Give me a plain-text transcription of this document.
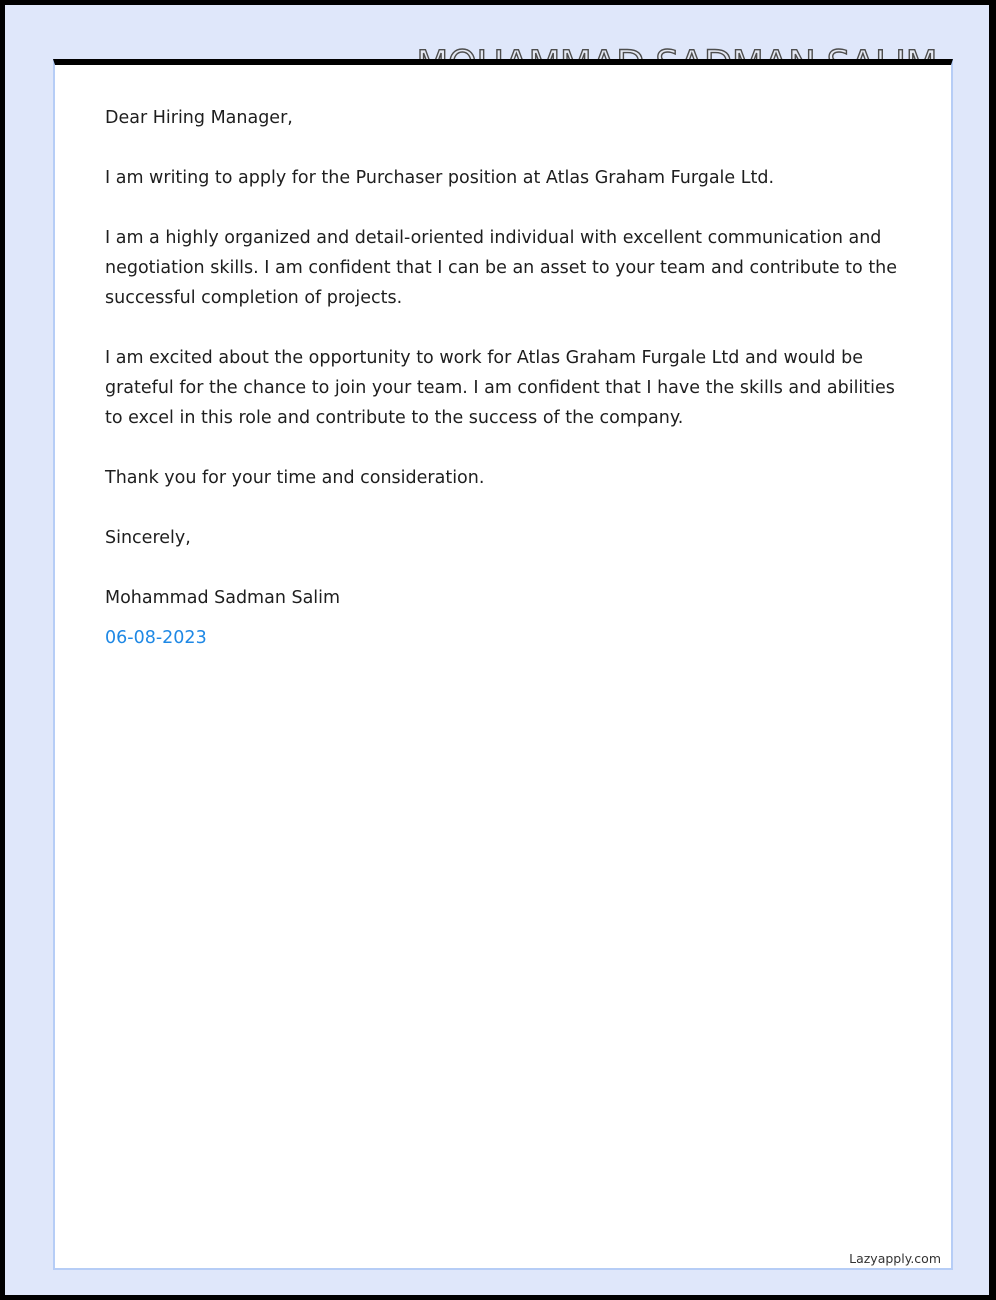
Dear Hiring Manager,

I am writing to apply for the Purchaser position at Atlas Graham Furgale Ltd.

I am a highly organized and detail-oriented individual with excellent communication and negotiation skills. I am confident that I can be an asset to your team and contribute to the successful completion of projects.

I am excited about the opportunity to work for Atlas Graham Furgale Ltd and would be grateful for the chance to join your team. I am confident that I have the skills and abilities to excel in this role and contribute to the success of the company.

Thank you for your time and consideration.

Sincerely,

Mohammad Sadman Salim

06-08-2023

Lazyapply.com
